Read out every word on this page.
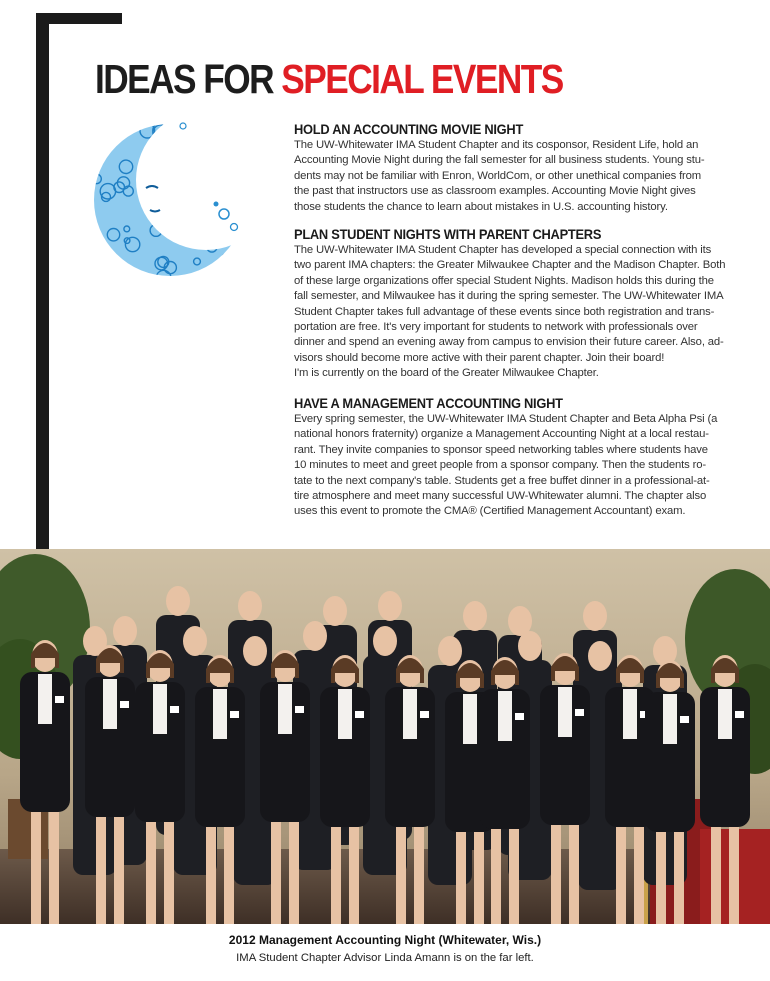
IDEAS FOR SPECIAL EVENTS
HOLD AN ACCOUNTING MOVIE NIGHT

The UW-Whitewater IMA Student Chapter and its cosponsor, Resident Life, hold an
Accounting Movie Night during the fall semester for all business students. Young stu-
dents may not be familiar with Enron, WorldCom, or other unethical companies from
the past that instructors use as classroom examples. Accounting Movie Night gives
those students the chance to learn about mistakes in U.S. accounting history.

PLAN STUDENT NIGHTS WITH PARENT CHAPTERS

The UW-Whitewater IMA Student Chapter has developed a special connection with its
two parent IMA chapters: the Greater Milwaukee Chapter and the Madison Chapter. Both
of these large organizations offer special Student Nights. Madison holds this during the
fall semester, and Milwaukee has it during the spring semester. The UW-Whitewater IMA
Student Chapter takes full advantage of these events since both registration and trans-
portation are free. It's very important for students to network with professionals over
dinner and spend an evening away from campus to envision their future career. Also, ad-
visors should become more active with their parent chapter. Join their board!
I'm is currently on the board of the Greater Milwaukee Chapter.

HAVE A MANAGEMENT ACCOUNTING NIGHT

Every spring semester, the UW-Whitewater IMA Student Chapter and Beta Alpha Psi (a
national honors fraternity) organize a Management Accounting Night at a local restau-
rant. They invite companies to sponsor speed networking tables where students have
10 minutes to meet and greet people from a sponsor company. Then the students ro-
tate to the next company's table. Students get a free buffet dinner in a professional-at-
tire atmosphere and meet many successful UW-Whitewater alumni. The chapter also
uses this event to promote the CMA® (Certified Management Accountant) exam.

2012 Management Accounting Night (Whitewater, Wis.)
IMA Student Chapter Advisor Linda Amann is on the far left.
